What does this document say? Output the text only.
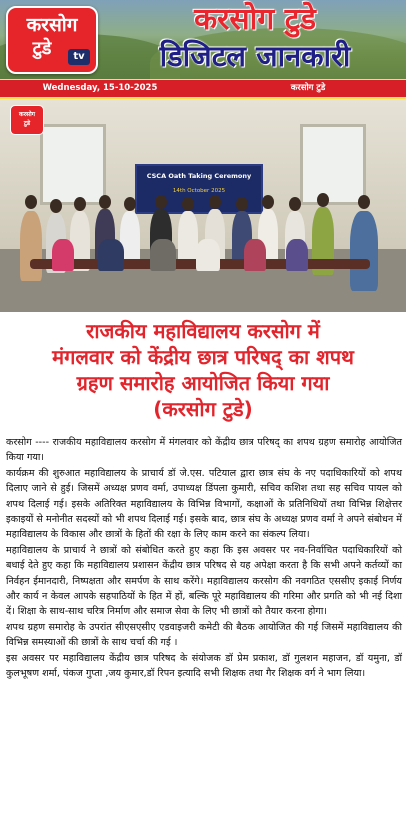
करसोग
टुडे	tv
करसोग टुडे
डिजिटल जानकारी
Wednesday, 15-10-2025	करसोग टुडे
CSCA Oath Taking Ceremony
14th October 2025
करसोग
टुडे
राजकीय महाविद्यालय करसोग में
मंगलवार को केंद्रीय छात्र परिषद् का शपथ
ग्रहण समारोह आयोजित किया गया
(करसोग टुडे)

करसोग ---- राजकीय महाविद्यालय करसोग में मंगलवार को केंद्रीय छात्र परिषद् का शपथ ग्रहण समारोह आयोजित किया गया।

कार्यक्रम की शुरुआत महाविद्यालय के प्राचार्य डॉ जे.एस. पटियाल द्वारा छात्र संघ के नए पदाधिकारियों को शपथ दिलाए जाने से हुई। जिसमें अध्यक्ष प्रणव वर्मा, उपाध्यक्ष डिंपला कुमारी, सचिव कशिश तथा सह सचिव पायल को शपथ दिलाई गई। इसके अतिरिक्त महाविद्यालय के विभिन्न विभागों, कक्षाओं के प्रतिनिधियों तथा विभिन्न शिक्षेत्तर इकाइयों से मनोनीत सदस्यों को भी शपथ दिलाई गई। इसके बाद, छात्र संघ के अध्यक्ष प्रणव वर्मा ने अपने संबोधन में महाविद्यालय के विकास और छात्रों के हितों की रक्षा के लिए काम करने का संकल्प लिया।

महाविद्यालय के प्राचार्य ने छात्रों को संबोधित करते हुए कहा कि इस अवसर पर नव-निर्वाचित पदाधिकारियों को बधाई देते हुए कहा कि महाविद्यालय प्रशासन केंद्रीय छात्र परिषद से यह अपेक्षा करता है कि सभी अपने कर्तव्यों का निर्वहन ईमानदारी, निष्पक्षता और समर्पण के साथ करेंगे। महाविद्यालय करसोग की नवगठित एससीए इकाई निर्णय और कार्य न केवल आपके सहपाठियों के हित में हों, बल्कि पूरे महाविद्यालय की गरिमा और प्रगति को भी नई दिशा दें। शिक्षा के साथ-साथ चरित्र निर्माण और समाज सेवा के लिए भी छात्रों को तैयार करना होगा।

शपथ ग्रहण समारोह के उपरांत सीएसएसीए एडवाइजरी कमेटी की बैठक आयोजित की गई जिसमें महाविद्यालय की विभिन्न समस्याओं की छात्रों के साथ चर्चा की गई ।

इस अवसर पर महाविद्यालय केंद्रीय छात्र परिषद के संयोजक डॉ प्रेम प्रकाश, डॉ गुलशन महाजन, डॉ यमुना, डॉ कुलभूषण शर्मा, पंकज गुप्ता ,जय कुमार,डॉ रिपन इत्यादि सभी शिक्षक तथा गैर शिक्षक वर्ग ने भाग लिया।
